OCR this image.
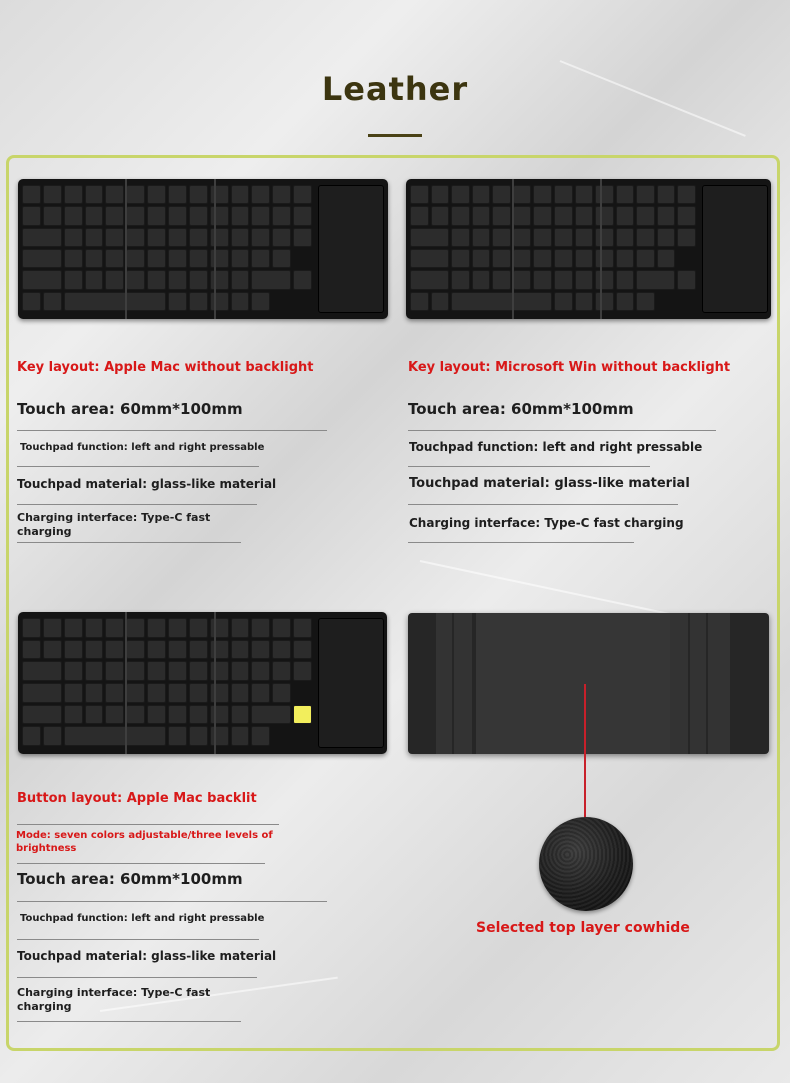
Leather
Key layout: Apple Mac without backlight
Touch area: 60mm*100mm
Touchpad function: left and right pressable
Touchpad material: glass-like material
Charging interface: Type-C fast
charging
Key layout: Microsoft Win without backlight
Touch area: 60mm*100mm
Touchpad function: left and right pressable
Touchpad material: glass-like material
Charging interface: Type-C fast charging
Button layout: Apple Mac backlit
Mode: seven colors adjustable/three levels of
brightness
Touch area: 60mm*100mm
Touchpad function: left and right pressable
Touchpad material: glass-like material
Charging interface: Type-C fast
charging
Selected top layer cowhide
